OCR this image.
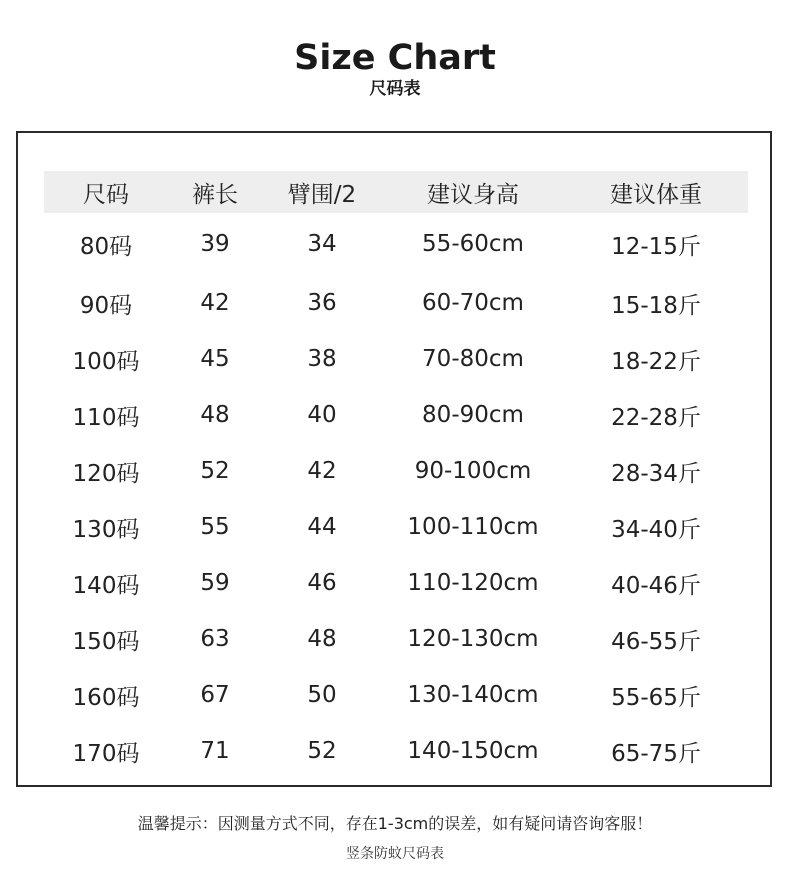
Size Chart
尺码表
尺码	裤长	臂围/2	建议身高	建议体重
80码	39	34	55-60cm	12-15斤
90码	42	36	60-70cm	15-18斤
100码	45	38	70-80cm	18-22斤
110码	48	40	80-90cm	22-28斤
120码	52	42	90-100cm	28-34斤
130码	55	44	100-110cm	34-40斤
140码	59	46	110-120cm	40-46斤
150码	63	48	120-130cm	46-55斤
160码	67	50	130-140cm	55-65斤
170码	71	52	140-150cm	65-75斤
温馨提示：因测量方式不同，存在1-3cm的误差，如有疑问请咨询客服！
竖条防蚊尺码表
